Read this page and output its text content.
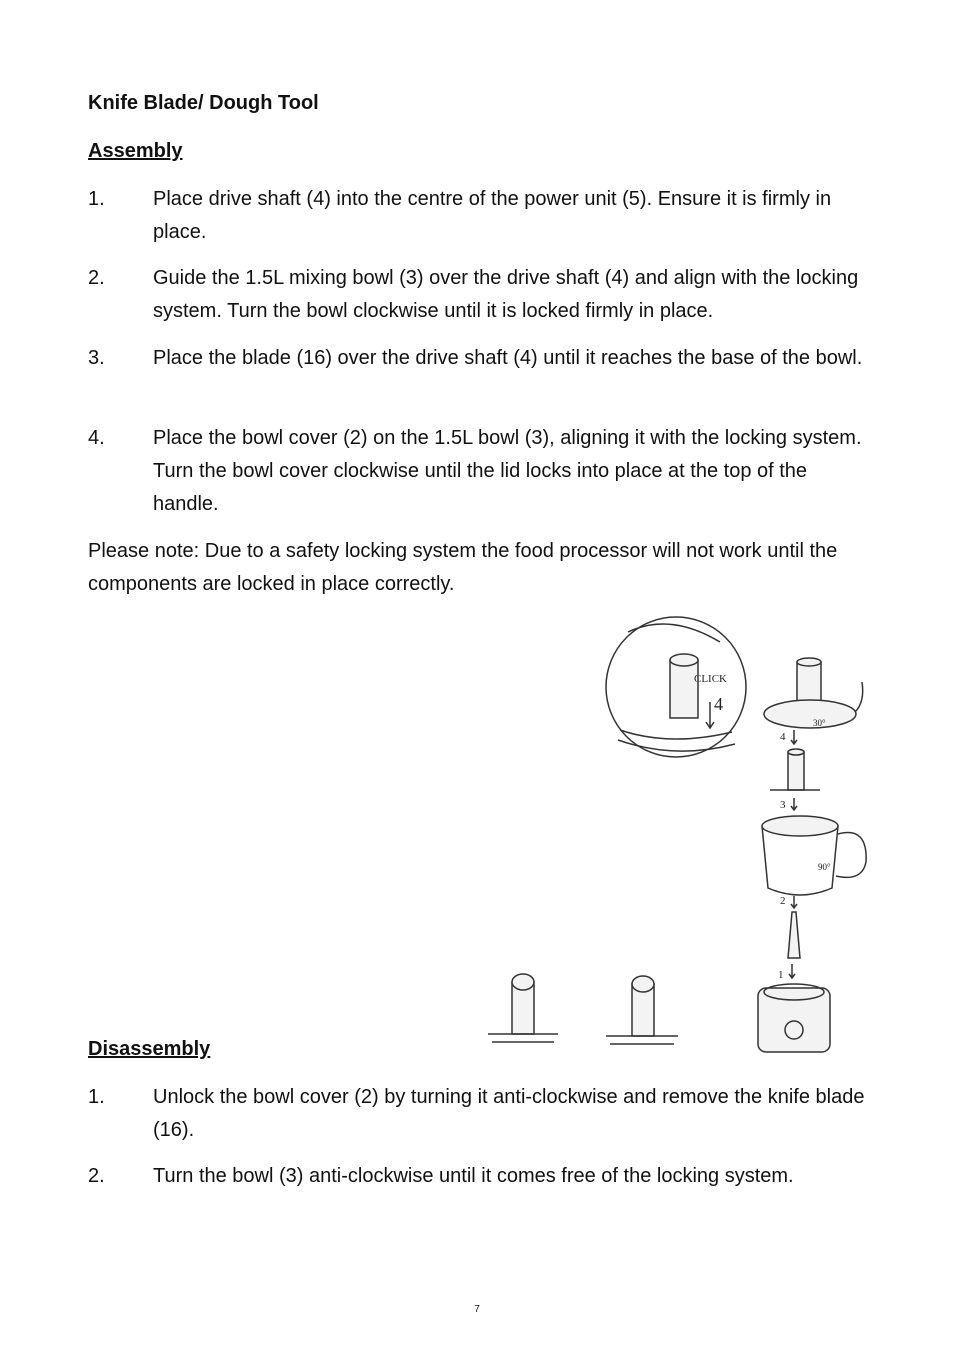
Knife Blade/ Dough Tool
Assembly
1. Place drive shaft (4) into the centre of the power unit (5). Ensure it is firmly in place.
2. Guide the 1.5L mixing bowl (3) over the drive shaft (4) and align with the locking system. Turn the bowl clockwise until it is locked firmly in place.
3. Place the blade (16) over the drive shaft (4) until it reaches the base of the bowl.
4. Place the bowl cover (2) on the 1.5L bowl (3), aligning it with the locking system. Turn the bowl cover clockwise until the lid locks into place at the top of the handle.

Please note: Due to a safety locking system the food processor will not work until the components are locked in place correctly.

CLICK
4
30°
4
3
90°
2
1
Disassembly
1. Unlock the bowl cover (2) by turning it anti-clockwise and remove the knife blade (16).
2. Turn the bowl (3) anti-clockwise until it comes free of the locking system.
7
